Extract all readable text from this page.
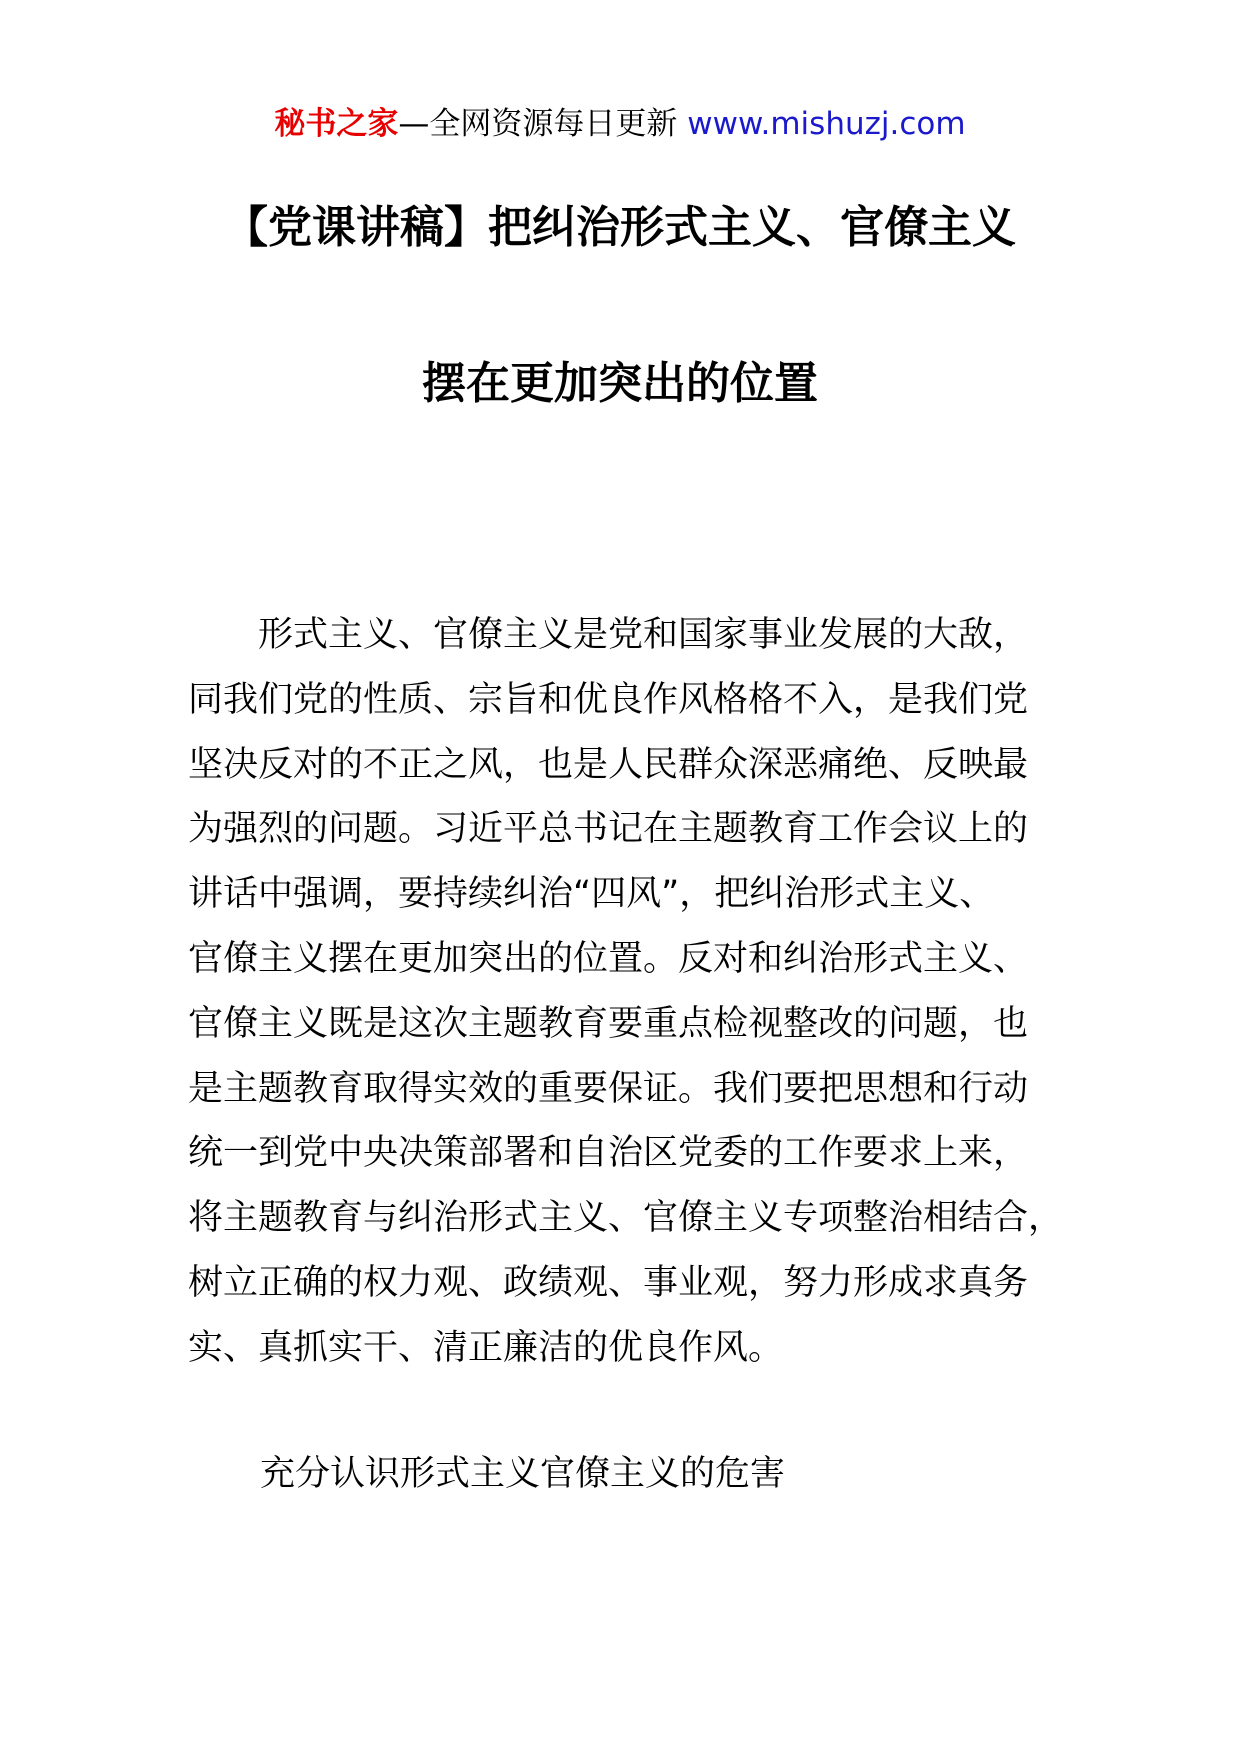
秘书之家—全网资源每日更新 www.mishuzj.com
【党课讲稿】把纠治形式主义、官僚主义
摆在更加突出的位置
形式主义、官僚主义是党和国家事业发展的大敌，
同我们党的性质、宗旨和优良作风格格不入，是我们党
坚决反对的不正之风，也是人民群众深恶痛绝、反映最
为强烈的问题。习近平总书记在主题教育工作会议上的
讲话中强调，要持续纠治“四风”，把纠治形式主义、
官僚主义摆在更加突出的位置。反对和纠治形式主义、
官僚主义既是这次主题教育要重点检视整改的问题，也
是主题教育取得实效的重要保证。我们要把思想和行动
统一到党中央决策部署和自治区党委的工作要求上来，
将主题教育与纠治形式主义、官僚主义专项整治相结合，
树立正确的权力观、政绩观、事业观，努力形成求真务
实、真抓实干、清正廉洁的优良作风。
充分认识形式主义官僚主义的危害
